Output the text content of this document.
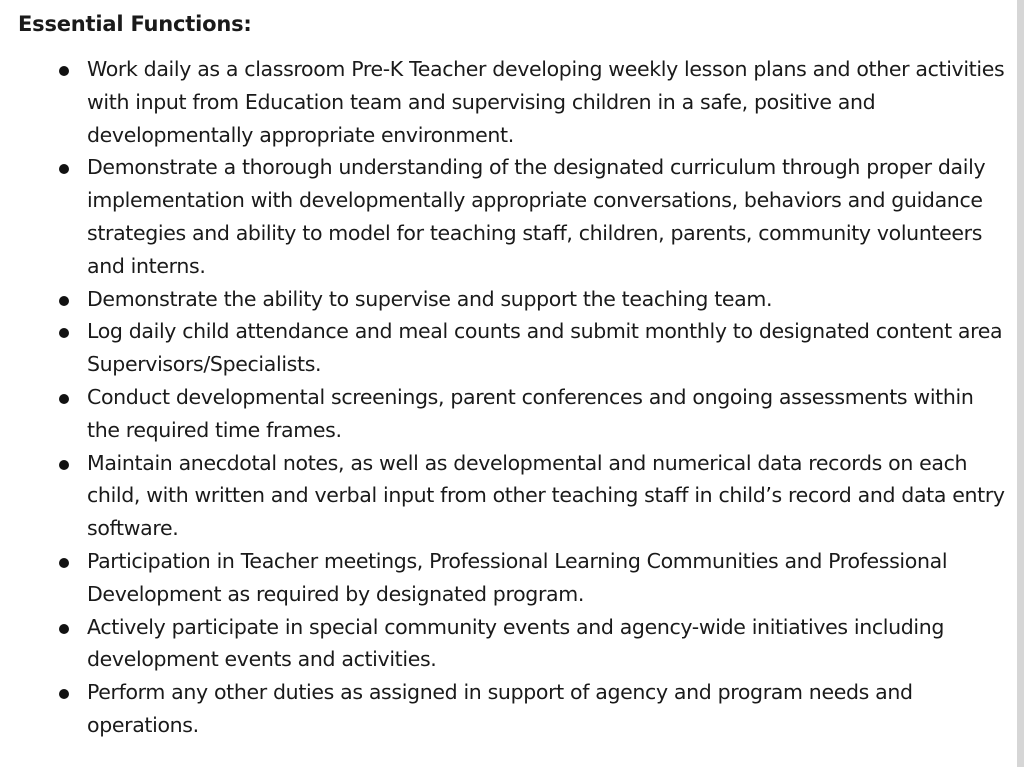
Essential Functions:
Work daily as a classroom Pre-K Teacher developing weekly lesson plans and other activities with input from Education team and supervising children in a safe, positive and developmentally appropriate environment.
Demonstrate a thorough understanding of the designated curriculum through proper daily implementation with developmentally appropriate conversations, behaviors and guidance strategies and ability to model for teaching staff, children, parents, community volunteers and interns.
Demonstrate the ability to supervise and support the teaching team.
Log daily child attendance and meal counts and submit monthly to designated content area Supervisors/Specialists.
Conduct developmental screenings, parent conferences and ongoing assessments within the required time frames.
Maintain anecdotal notes, as well as developmental and numerical data records on each child, with written and verbal input from other teaching staff in child’s record and data entry software.
Participation in Teacher meetings, Professional Learning Communities and Professional Development as required by designated program.
Actively participate in special community events and agency-wide initiatives including development events and activities.
Perform any other duties as assigned in support of agency and program needs and operations.
